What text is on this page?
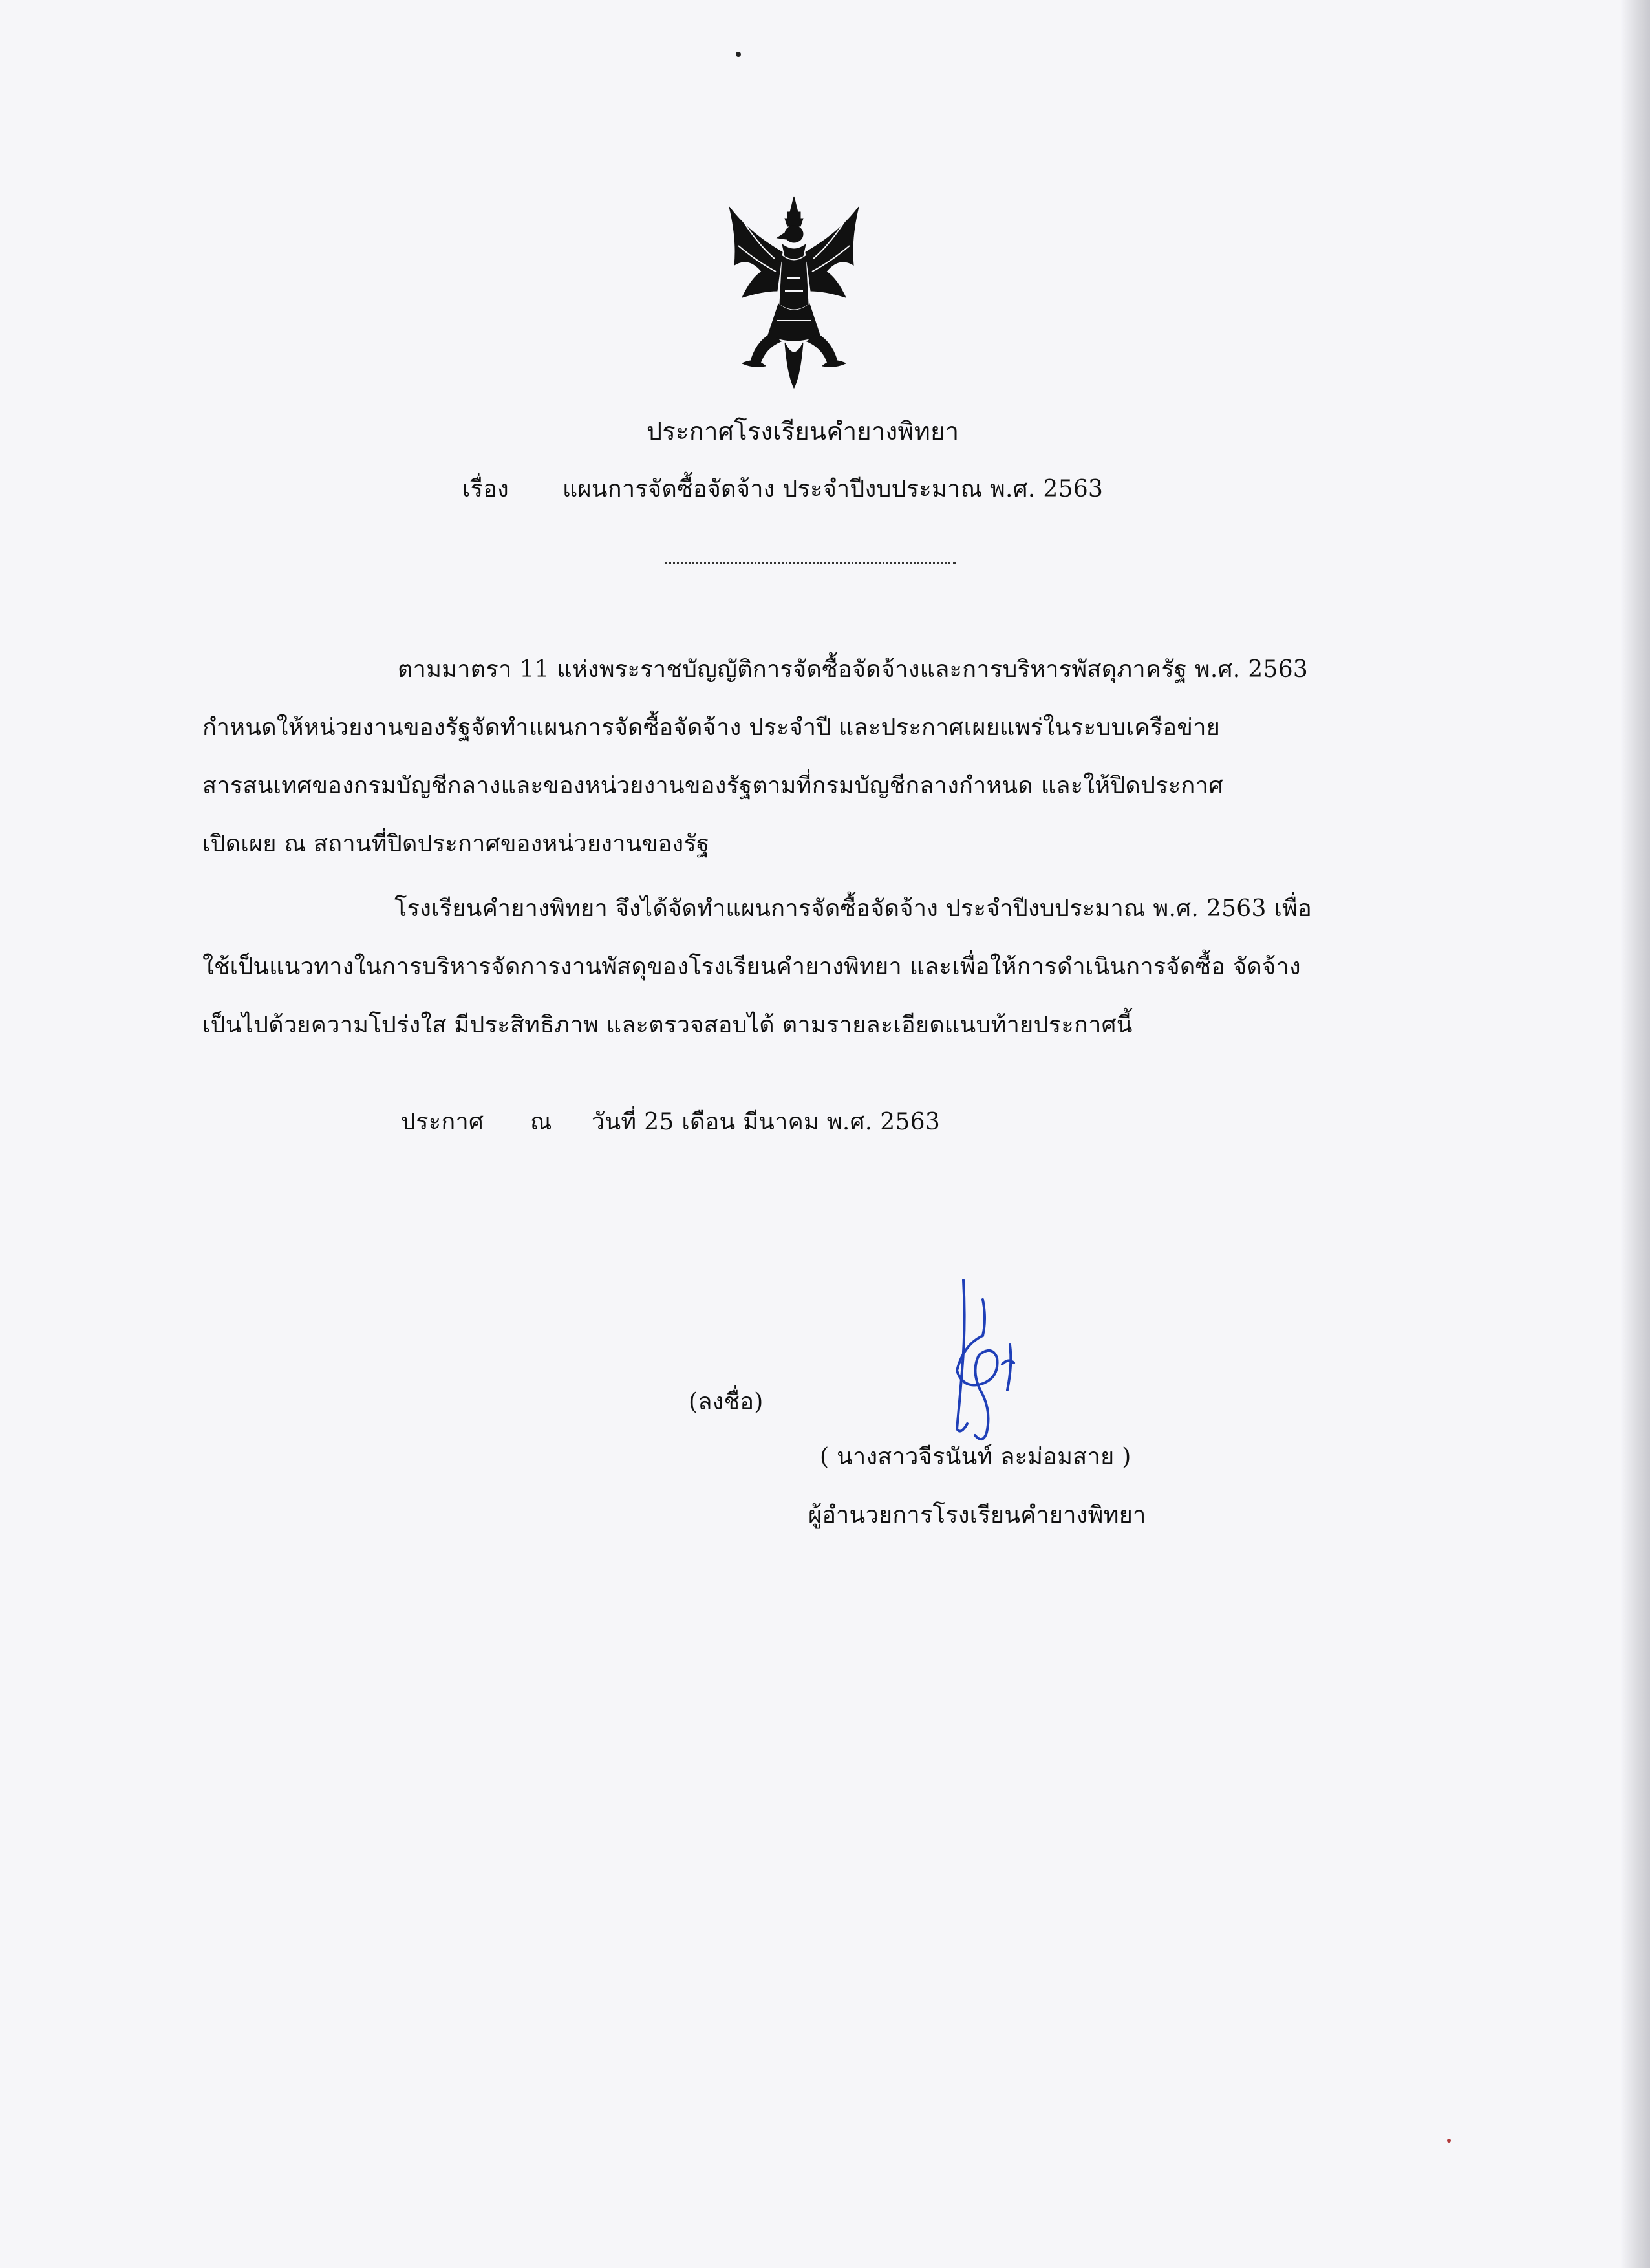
ประกาศโรงเรียนคำยางพิทยา
เรื่อง แผนการจัดซื้อจัดจ้าง ประจำปีงบประมาณ พ.ศ. 2563
ตามมาตรา 11 แห่งพระราชบัญญัติการจัดซื้อจัดจ้างและการบริหารพัสดุภาครัฐ พ.ศ. 2563
กำหนดให้หน่วยงานของรัฐจัดทำแผนการจัดซื้อจัดจ้าง ประจำปี และประกาศเผยแพร่ในระบบเครือข่าย
สารสนเทศของกรมบัญชีกลางและของหน่วยงานของรัฐตามที่กรมบัญชีกลางกำหนด และให้ปิดประกาศ
เปิดเผย ณ สถานที่ปิดประกาศของหน่วยงานของรัฐ
โรงเรียนคำยางพิทยา จึงได้จัดทำแผนการจัดซื้อจัดจ้าง ประจำปีงบประมาณ พ.ศ. 2563 เพื่อ
ใช้เป็นแนวทางในการบริหารจัดการงานพัสดุของโรงเรียนคำยางพิทยา และเพื่อให้การดำเนินการจัดซื้อ จัดจ้าง
เป็นไปด้วยความโปร่งใส มีประสิทธิภาพ และตรวจสอบได้ ตามรายละเอียดแนบท้ายประกาศนี้
ประกาศ ณ วันที่ 25 เดือน มีนาคม พ.ศ. 2563
(ลงชื่อ)
( นางสาวจีรนันท์ ละม่อมสาย )
ผู้อำนวยการโรงเรียนคำยางพิทยา
